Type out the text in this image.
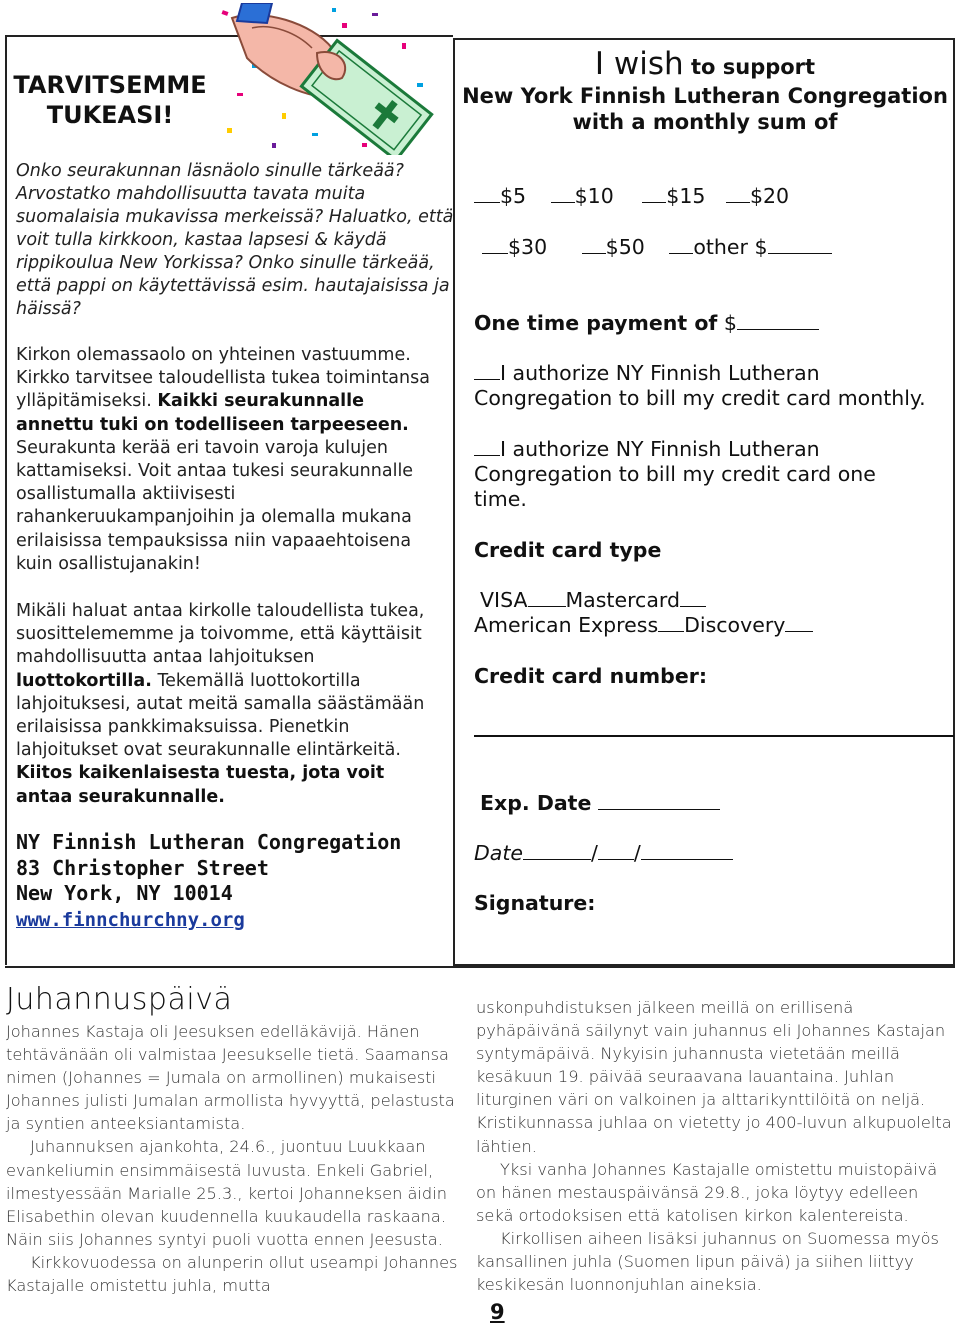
TARVITSEMME
TUKEASI!
Onko seurakunnan läsnäolo sinulle tärkeää? Arvostatko mahdollisuutta tavata muita suomalaisia mukavissa merkeissä? Haluatko, että voit tulla kirkkoon, kastaa lapsesi & käydä rippikoulua New Yorkissa? Onko sinulle tärkeää, että pappi on käytettävissä esim. hautajaisissa ja häissä?
Kirkon olemassaolo on yhteinen vastuumme. Kirkko tarvitsee taloudellista tukea toimintansa ylläpitämiseksi. Kaikki seurakunnalle annettu tuki on todelliseen tarpeeseen. Seurakunta kerää eri tavoin varoja kulujen kattamiseksi. Voit antaa tukesi seurakunnalle osallistumalla aktiivisesti rahankeruukampanjoihin ja olemalla mukana erilaisissa tempauksissa niin vapaaehtoisena kuin osallistujanakin!
Mikäli haluat antaa kirkolle taloudellista tukea, suosittelememme ja toivomme, että käyttäisit mahdollisuutta antaa lahjoituksen luottokortilla. Tekemällä luottokortilla lahjoituksesi, autat meitä samalla säästämään erilaisissa pankkimaksuissa. Pienetkin lahjoitukset ovat seurakunnalle elintärkeitä. Kiitos kaikenlaisesta tuesta, jota voit antaa seurakunnalle.
NY Finnish Lutheran Congregation
83 Christopher Street
New York, NY 10014
www.finnchurchny.org
I wish to support
New York Finnish Lutheran Congregation
with a monthly sum of
$5 $10	$15 $20
$30	$50 other $
One time payment of $
I authorize NY Finnish Lutheran
Congregation to bill my credit card monthly.
I authorize NY Finnish Lutheran
Congregation to bill my credit card one
time.
Credit card type
VISA Mastercard
American Express Discovery
Credit card number:
Exp. Date
Date	/ /
Signature:
Juhannuspäivä
Johannes Kastaja oli Jeesuksen edelläkävijä. Hänen tehtävänään oli valmistaa Jeesukselle tietä. Saamansa nimen (Johannes = Jumala on armollinen) mukaisesti Johannes julisti Jumalan armollista hyvyyttä, pelastusta ja syntien anteeksiantamista.
Juhannuksen ajankohta, 24.6., juontuu Luukkaan evankeliumin ensimmäisestä luvusta. Enkeli Gabriel, ilmestyessään Marialle 25.3., kertoi Johanneksen äidin Elisabethin olevan kuudennella kuukaudella raskaana. Näin siis Johannes syntyi puoli vuotta ennen Jeesusta.
Kirkkovuodessa on alunperin ollut useampi Johannes Kastajalle omistettu juhla, mutta
uskonpuhdistuksen jälkeen meillä on erillisenä pyhäpäivänä säilynyt vain juhannus eli Johannes Kastajan syntymäpäivä. Nykyisin juhannusta vietetään meillä kesäkuun 19. päivää seuraavana lauantaina. Juhlan liturginen väri on valkoinen ja alttarikynttilöitä on neljä. Kristikunnassa juhlaa on vietetty jo 400-luvun alkupuolelta lähtien.
Yksi vanha Johannes Kastajalle omistettu muistopäivä on hänen mestauspäivänsä 29.8., joka löytyy edelleen sekä ortodoksisen että katolisen kirkon kalentereista.
Kirkollisen aiheen lisäksi juhannus on Suomessa myös kansallinen juhla (Suomen lipun päivä) ja siihen liittyy keskikesän luonnonjuhlan aineksia.
9
